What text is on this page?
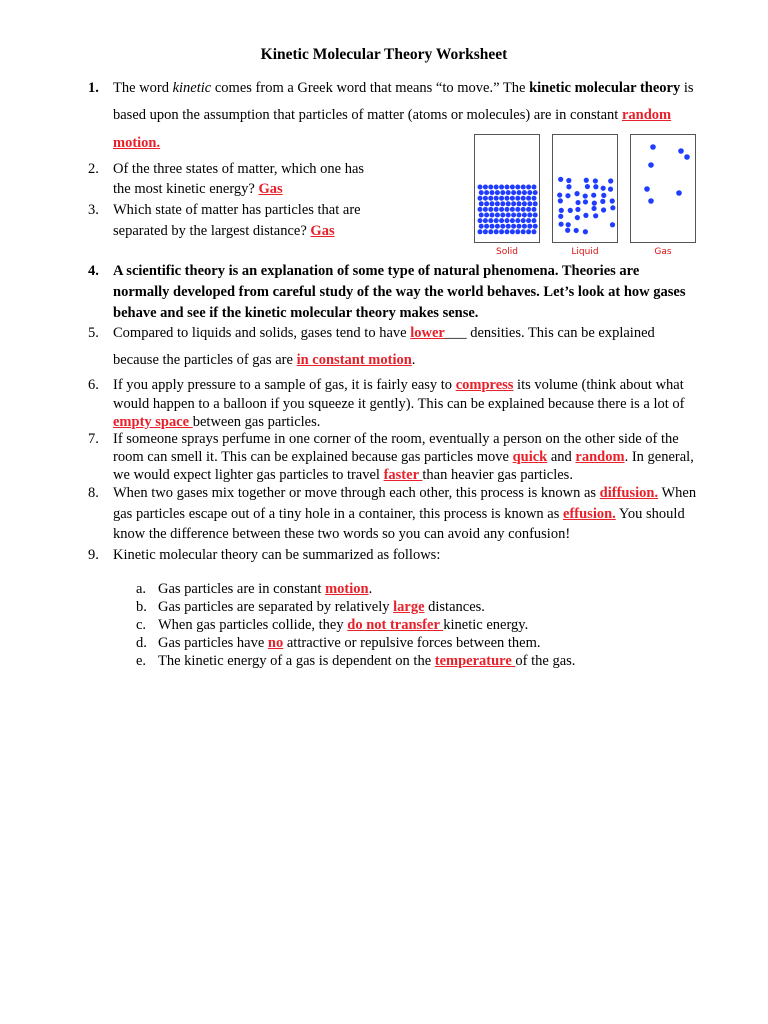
Kinetic Molecular Theory Worksheet
1. The word kinetic comes from a Greek word that means “to move.” The kinetic molecular theory is
based upon the assumption that particles of matter (atoms or molecules) are in constant random
motion.
2. Of the three states of matter, which one has
the most kinetic energy? Gas
3. Which state of matter has particles that are
separated by the largest distance? Gas
Solid	Liquid	Gas
4. A scientific theory is an explanation of some type of natural phenomena. Theories are
normally developed from careful study of the way the world behaves. Let’s look at how gases
behave and see if the kinetic molecular theory makes sense.
5. Compared to liquids and solids, gases tend to have lower___ densities. This can be explained
because the particles of gas are in constant motion.
6. If you apply pressure to a sample of gas, it is fairly easy to compress its volume (think about what
would happen to a balloon if you squeeze it gently). This can be explained because there is a lot of
empty space between gas particles.
7. If someone sprays perfume in one corner of the room, eventually a person on the other side of the
room can smell it. This can be explained because gas particles move quick and random. In general,
we would expect lighter gas particles to travel faster than heavier gas particles.
8. When two gases mix together or move through each other, this process is known as diffusion. When
gas particles escape out of a tiny hole in a container, this process is known as effusion. You should
know the difference between these two words so you can avoid any confusion!
9. Kinetic molecular theory can be summarized as follows:
a. Gas particles are in constant motion.
b. Gas particles are separated by relatively large distances.
c. When gas particles collide, they do not transfer kinetic energy.
d. Gas particles have no attractive or repulsive forces between them.
e. The kinetic energy of a gas is dependent on the temperature of the gas.
